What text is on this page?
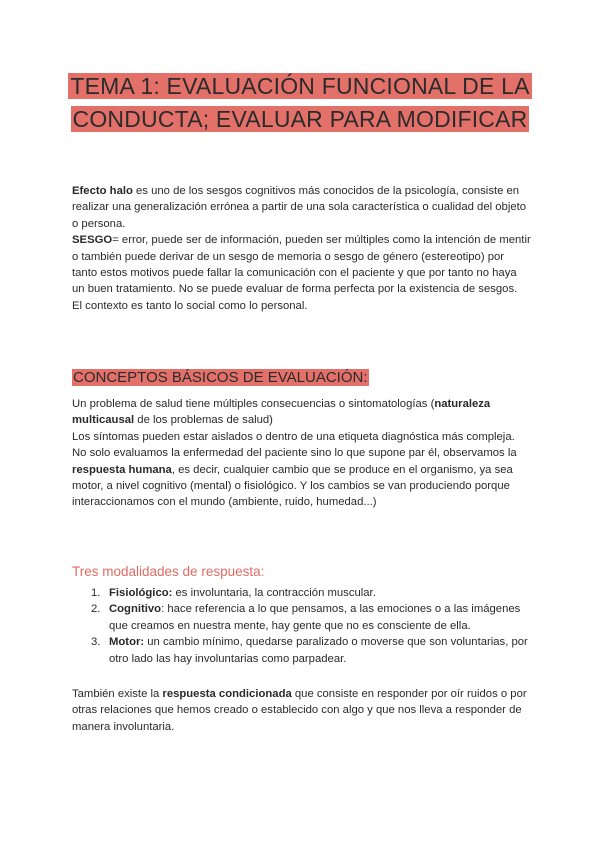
TEMA 1: EVALUACIÓN FUNCIONAL DE LA CONDUCTA; EVALUAR PARA MODIFICAR

Efecto halo es uno de los sesgos cognitivos más conocidos de la psicología, consiste en realizar una generalización errónea a partir de una sola característica o cualidad del objeto o persona.

SESGO= error, puede ser de información, pueden ser múltiples como la intención de mentir o también puede derivar de un sesgo de memoria o sesgo de género (estereotipo) por tanto estos motivos puede fallar la comunicación con el paciente y que por tanto no haya un buen tratamiento. No se puede evaluar de forma perfecta por la existencia de sesgos.

El contexto es tanto lo social como lo personal.

CONCEPTOS BÁSICOS DE EVALUACIÓN:

Un problema de salud tiene múltiples consecuencias o sintomatologías (naturaleza multicausal de los problemas de salud)

Los síntomas pueden estar aislados o dentro de una etiqueta diagnóstica más compleja.

No solo evaluamos la enfermedad del paciente sino lo que supone par él, observamos la respuesta humana, es decir, cualquier cambio que se produce en el organismo, ya sea motor, a nivel cognitivo (mental) o fisiológico. Y los cambios se van produciendo porque interaccionamos con el mundo (ambiente, ruido, humedad...)

Tres modalidades de respuesta:
1. Fisiológico: es involuntaria, la contracción muscular.
2. Cognitivo: hace referencia a lo que pensamos, a las emociones o a las imágenes que creamos en nuestra mente, hay gente que no es consciente de ella.
3. Motor: un cambio mínimo, quedarse paralizado o moverse que son voluntarias, por otro lado las hay involuntarias como parpadear.

También existe la respuesta condicionada que consiste en responder por oír ruidos o por otras relaciones que hemos creado o establecido con algo y que nos lleva a responder de manera involuntaria.
